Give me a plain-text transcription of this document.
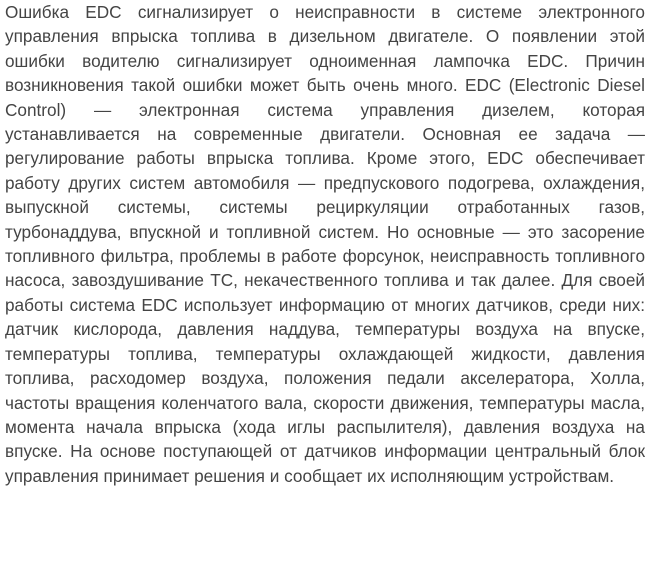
Ошибка EDC сигнализирует о неисправности в системе электронного управления впрыска топлива в дизельном двигателе. О появлении этой ошибки водителю сигнализирует одноименная лампочка EDC. Причин возникновения такой ошибки может быть очень много. EDC (Electronic Diesel Control) — электронная система управления дизелем, которая устанавливается на современные двигатели. Основная ее задача — регулирование работы впрыска топлива. Кроме этого, EDC обеспечивает работу других систем автомобиля — предпускового подогрева, охлаждения, выпускной системы, системы рециркуляции отработанных газов, турбонаддува, впускной и топливной систем. Но основные — это засорение топливного фильтра, проблемы в работе форсунок, неисправность топливного насоса, завоздушивание ТС, некачественного топлива и так далее. Для своей работы система EDC использует информацию от многих датчиков, среди них: датчик кислорода, давления наддува, температуры воздуха на впуске, температуры топлива, температуры охлаждающей жидкости, давления топлива, расходомер воздуха, положения педали акселератора, Холла, частоты вращения коленчатого вала, скорости движения, температуры масла, момента начала впрыска (хода иглы распылителя), давления воздуха на впуске. На основе поступающей от датчиков информации центральный блок управления принимает решения и сообщает их исполняющим устройствам.
